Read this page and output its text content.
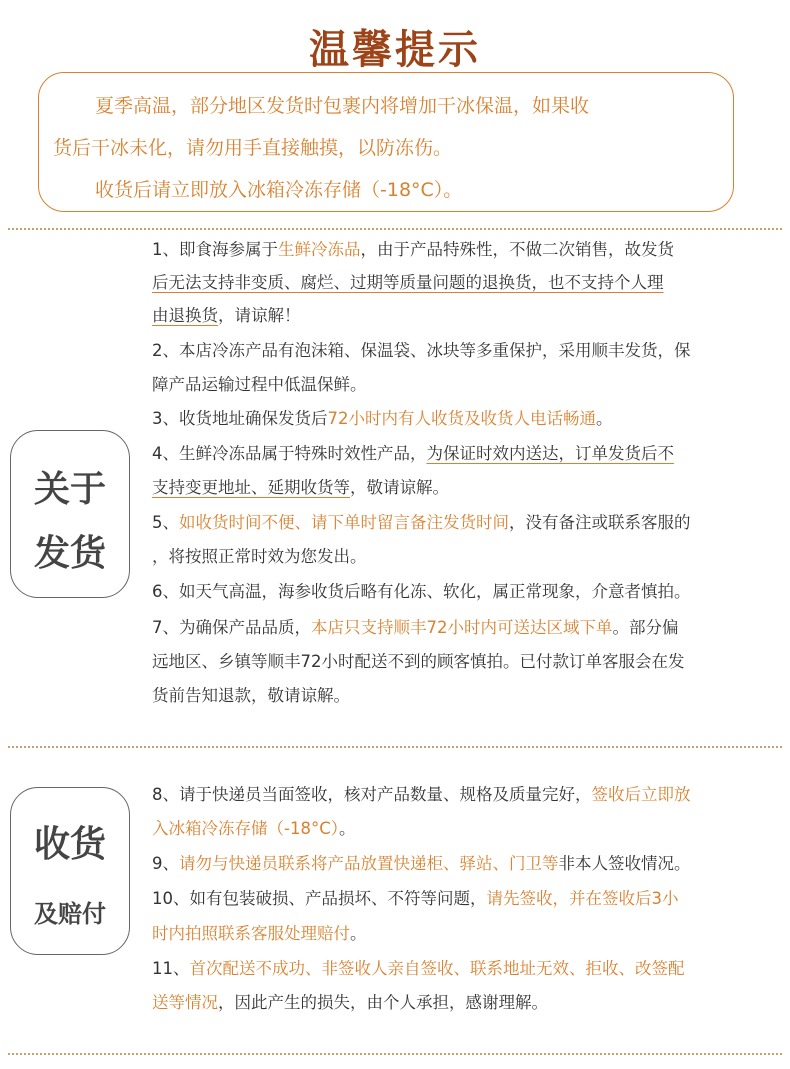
温馨提示

夏季高温，部分地区发货时包裹内将增加干冰保温，如果收

货后干冰未化，请勿用手直接触摸，以防冻伤。

收货后请立即放入冰箱冷冻存储（-18°C）。

关于
发货
1、即食海参属于生鲜冷冻品，由于产品特殊性，不做二次销售，故发货
后无法支持非变质、腐烂、过期等质量问题的退换货，也不支持个人理
由退换货，请谅解！
2、本店冷冻产品有泡沫箱、保温袋、冰块等多重保护，采用顺丰发货，保
障产品运输过程中低温保鲜。
3、收货地址确保发货后72小时内有人收货及收货人电话畅通。
4、生鲜冷冻品属于特殊时效性产品，为保证时效内送达，订单发货后不
支持变更地址、延期收货等，敬请谅解。
5、如收货时间不便、请下单时留言备注发货时间，没有备注或联系客服的
，将按照正常时效为您发出。
6、如天气高温，海参收货后略有化冻、软化，属正常现象，介意者慎拍。
7、为确保产品品质，本店只支持顺丰72小时内可送达区域下单。部分偏
远地区、乡镇等顺丰72小时配送不到的顾客慎拍。已付款订单客服会在发
货前告知退款，敬请谅解。
收货
及赔付
8、请于快递员当面签收，核对产品数量、规格及质量完好，签收后立即放
入冰箱冷冻存储（-18°C）。
9、请勿与快递员联系将产品放置快递柜、驿站、门卫等非本人签收情况。
10、如有包装破损、产品损坏、不符等问题，请先签收，并在签收后3小
时内拍照联系客服处理赔付。
11、首次配送不成功、非签收人亲自签收、联系地址无效、拒收、改签配
送等情况，因此产生的损失，由个人承担，感谢理解。
